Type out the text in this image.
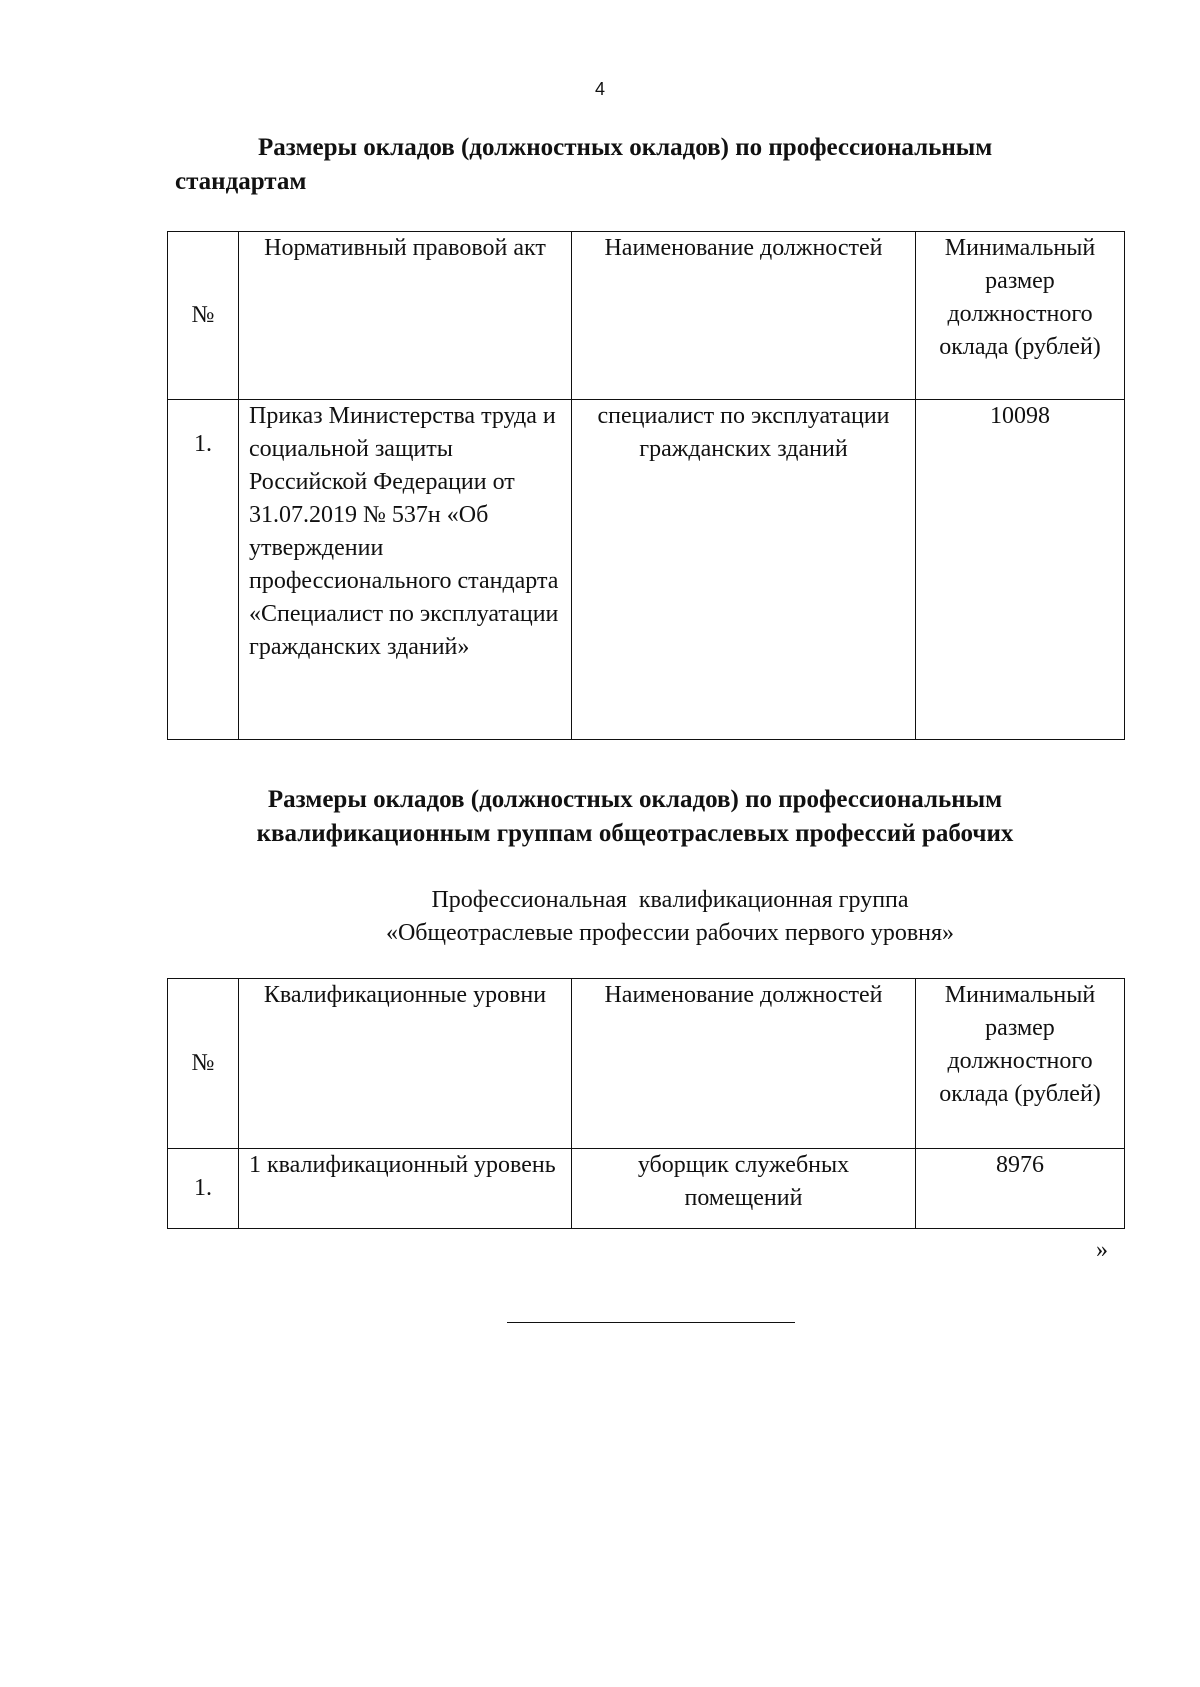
4
Размеры окладов (должностных окладов) по профессиональным стандартам
№	Нормативный правовой акт	Наименование должностей	Минимальный размер должностного оклада (рублей)
1.	Приказ Министерства труда и социальной защиты Российской Федерации от 31.07.2019 № 537н «Об утверждении профессионального стандарта «Специалист по эксплуатации гражданских зданий»	специалист по эксплуатации гражданских зданий	10098
Размеры окладов (должностных окладов) по профессиональным квалификационным группам общеотраслевых профессий рабочих
Профессиональная  квалификационная группа
«Общеотраслевые профессии рабочих первого уровня»
№	Квалификационные уровни	Наименование должностей	Минимальный размер должностного оклада (рублей)
1.	1 квалификационный уровень	уборщик служебных помещений	8976
»
